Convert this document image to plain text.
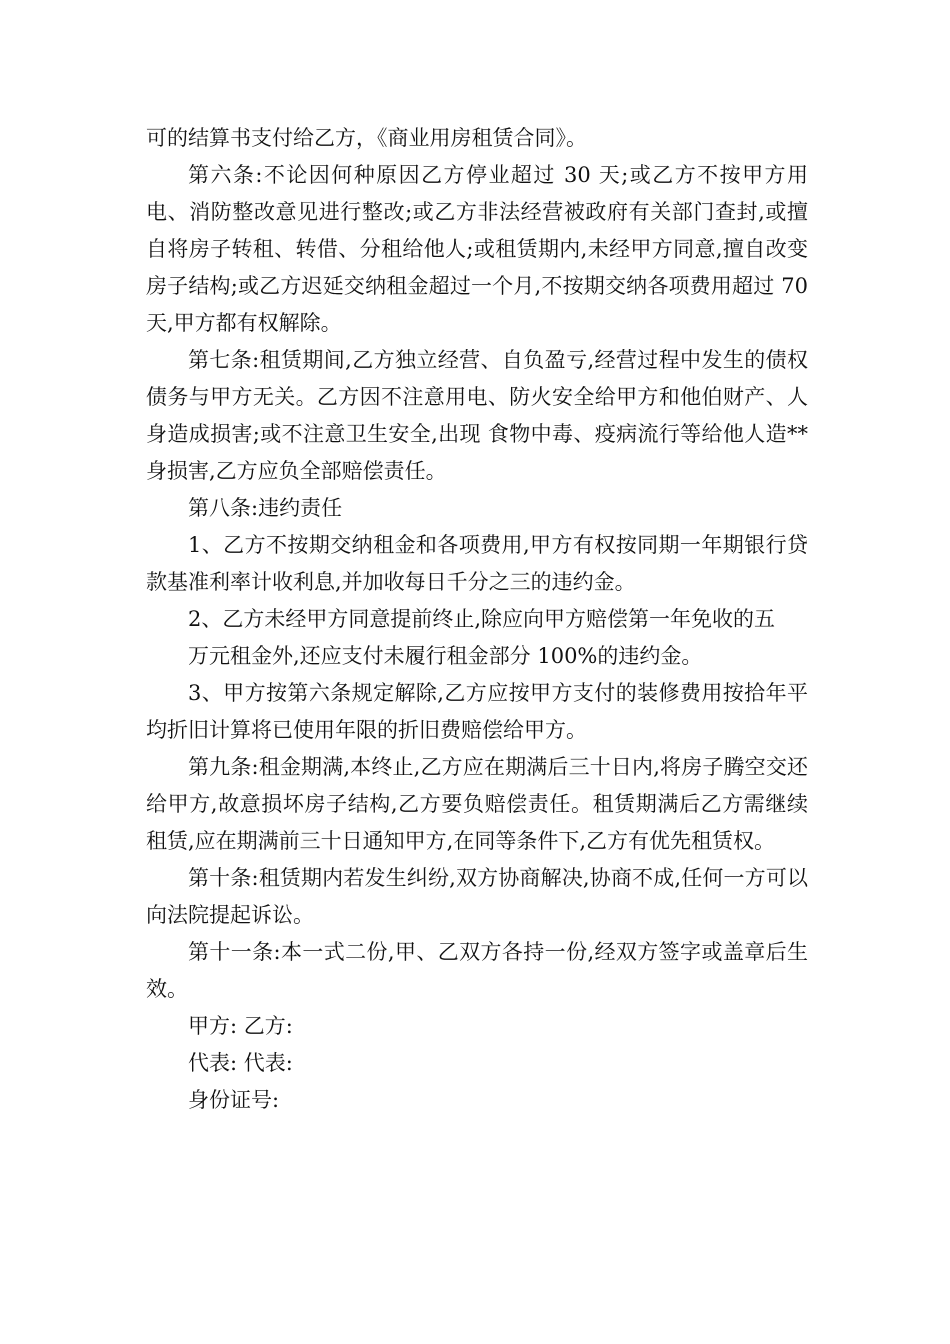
可的结算书支付给乙方，《商业用房租赁合同》。

第六条:不论因何种原因乙方停业超过 30 天;或乙方不按甲方用电、消防整改意见进行整改;或乙方非法经营被政府有关部门查封,或擅自将房子转租、转借、分租给他人;或租赁期内,未经甲方同意,擅自改变房子结构;或乙方迟延交纳租金超过一个月,不按期交纳各项费用超过 70 天,甲方都有权解除。

第七条:租赁期间,乙方独立经营、自负盈亏,经营过程中发生的债权债务与甲方无关。乙方因不注意用电、防火安全给甲方和他伯财产、人身造成损害;或不注意卫生安全,出现 食物中毒、疫病流行等给他人造**身损害,乙方应负全部赔偿责任。

第八条:违约责任

1、乙方不按期交纳租金和各项费用,甲方有权按同期一年期银行贷款基准利率计收利息,并加收每日千分之三的违约金。

2、乙方未经甲方同意提前终止,除应向甲方赔偿第一年免收的五

万元租金外,还应支付未履行租金部分 100%的违约金。

3、甲方按第六条规定解除,乙方应按甲方支付的装修费用按拾年平均折旧计算将已使用年限的折旧费赔偿给甲方。

第九条:租金期满,本终止,乙方应在期满后三十日内,将房子腾空交还给甲方,故意损坏房子结构,乙方要负赔偿责任。租赁期满后乙方需继续租赁,应在期满前三十日通知甲方,在同等条件下,乙方有优先租赁权。

第十条:租赁期内若发生纠纷,双方协商解决,协商不成,任何一方可以向法院提起诉讼。

第十一条:本一式二份,甲、乙双方各持一份,经双方签字或盖章后生效。

甲方: 乙方:

代表: 代表:

身份证号:
